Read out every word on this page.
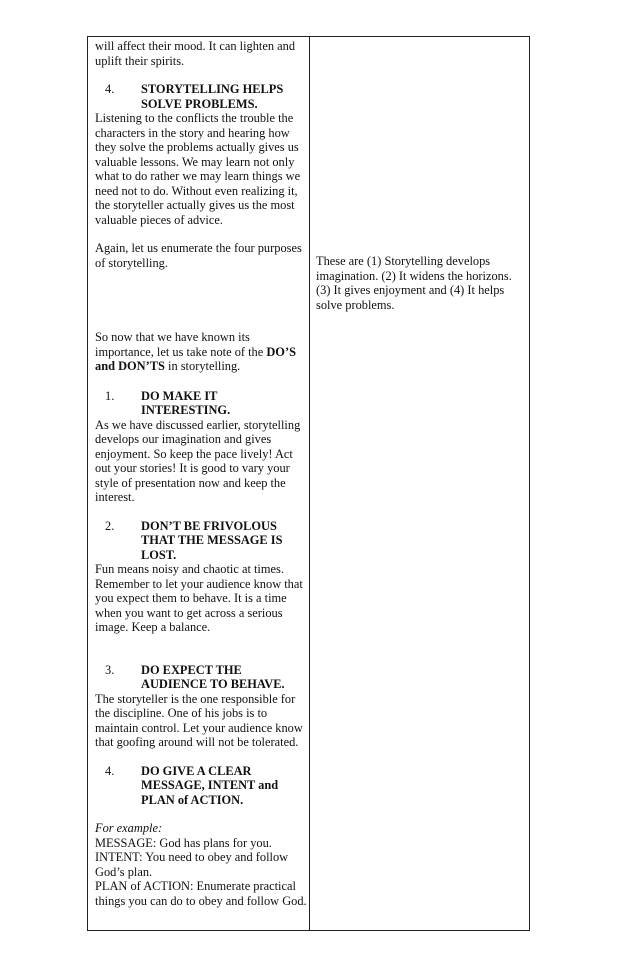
will affect their mood. It can lighten and uplift their spirits.

4. STORYTELLING HELPS SOLVE PROBLEMS.

Listening to the conflicts the trouble the characters in the story and hearing how they solve the problems actually gives us valuable lessons. We may learn not only what to do rather we may learn things we need not to do. Without even realizing it, the storyteller actually gives us the most valuable pieces of advice.

Again, let us enumerate the four purposes of storytelling.

So now that we have known its importance, let us take note of the DO’S and DON’TS in storytelling.

1. DO MAKE IT INTERESTING.

As we have discussed earlier, storytelling develops our imagination and gives enjoyment. So keep the pace lively! Act out your stories! It is good to vary your style of presentation now and keep the interest.

2. DON’T BE FRIVOLOUS THAT THE MESSAGE IS LOST.

Fun means noisy and chaotic at times. Remember to let your audience know that you expect them to behave. It is a time when you want to get across a serious image. Keep a balance.

3. DO EXPECT THE AUDIENCE TO BEHAVE.

The storyteller is the one responsible for the discipline. One of his jobs is to maintain control. Let your audience know that goofing around will not be tolerated.

4. DO GIVE A CLEAR MESSAGE, INTENT and PLAN of ACTION.

For example:

MESSAGE: God has plans for you.

INTENT: You need to obey and follow God’s plan.

PLAN of ACTION: Enumerate practical things you can do to obey and follow God.

These are (1) Storytelling develops imagination. (2) It widens the horizons. (3) It gives enjoyment and (4) It helps solve problems.
